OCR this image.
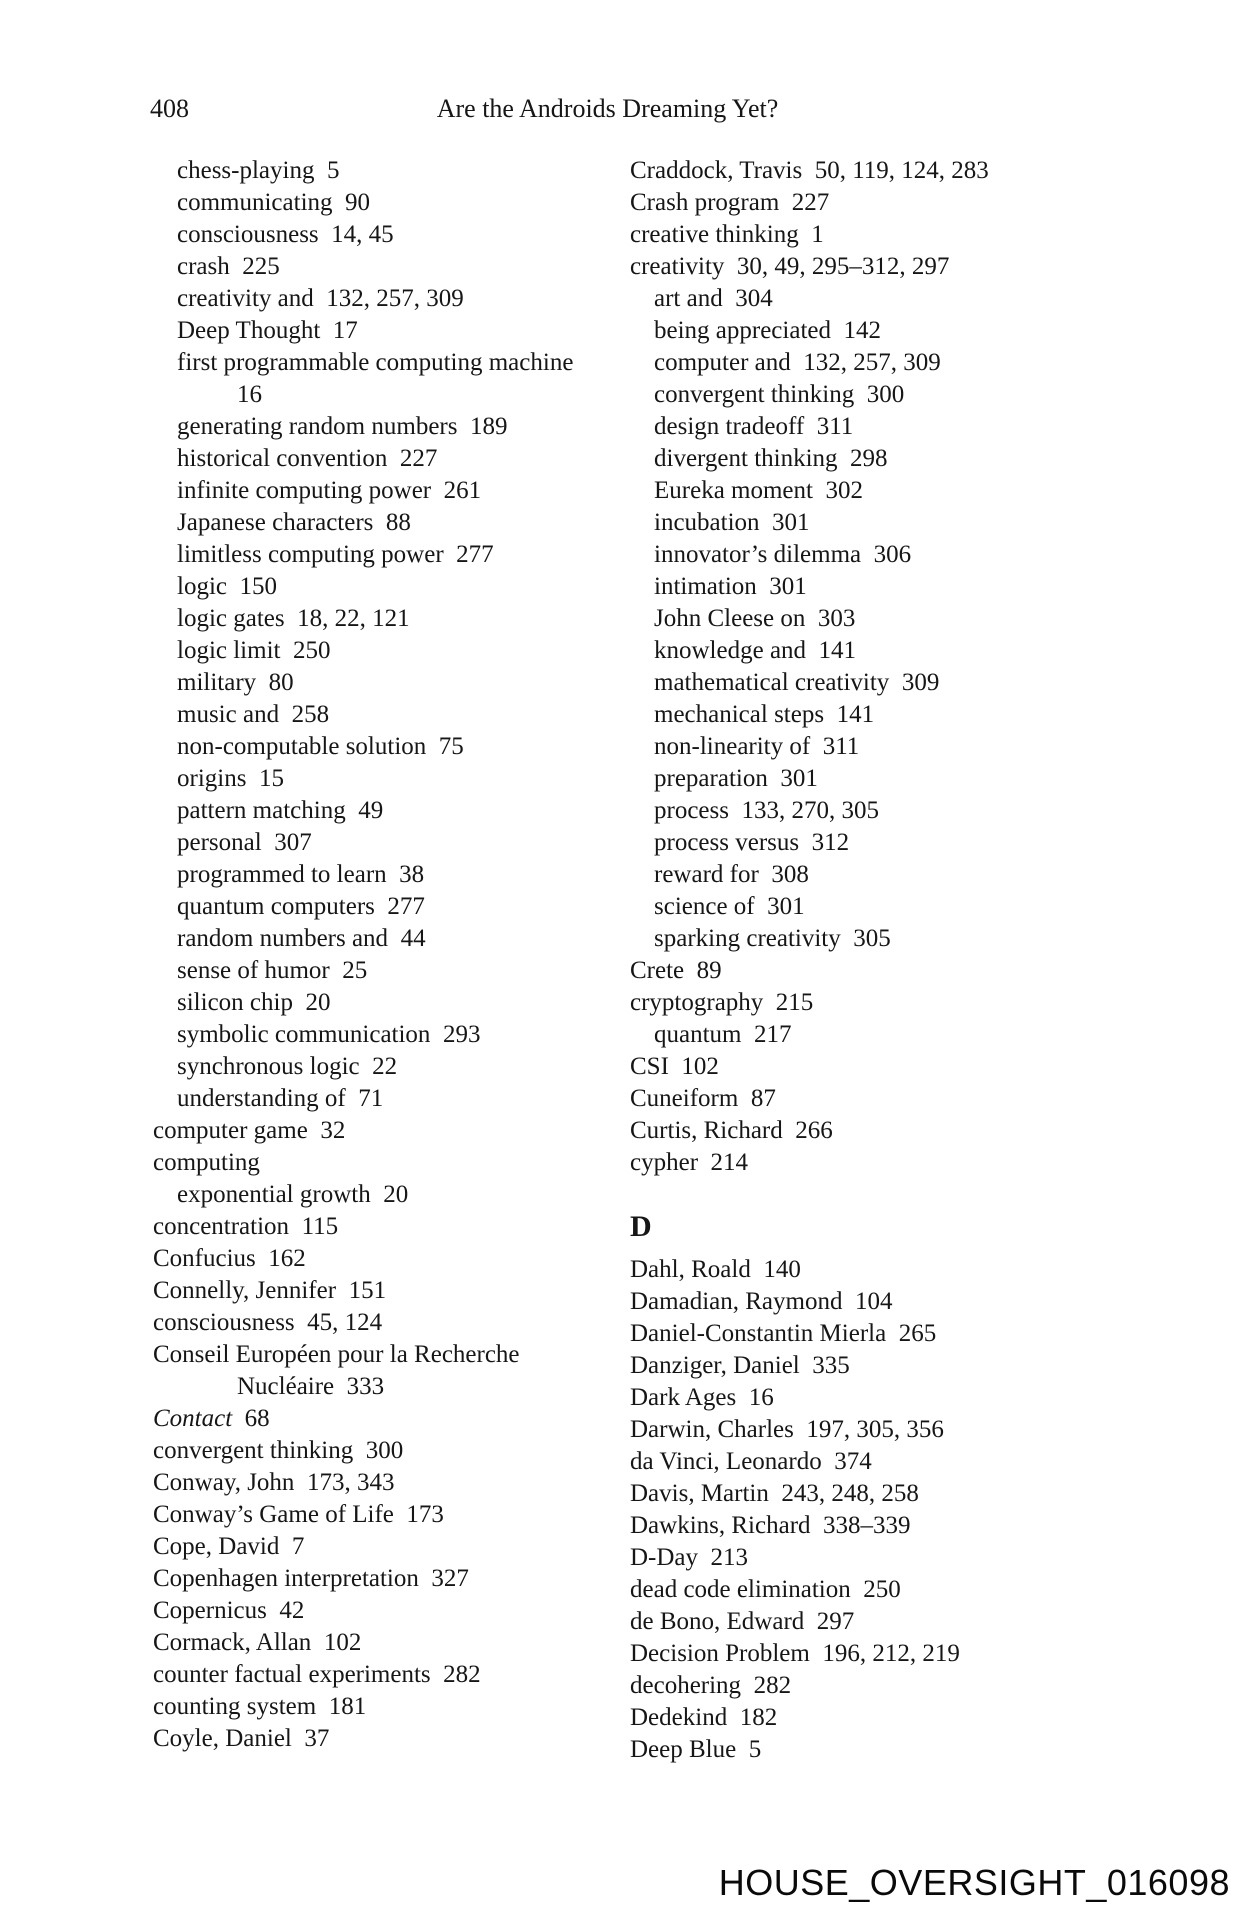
408	Are the Androids Dreaming Yet?
chess-playing 5
communicating 90
consciousness 14, 45
crash 225
creativity and 132, 257, 309
Deep Thought 17
first programmable computing machine
16
generating random numbers 189
historical convention 227
infinite computing power 261
Japanese characters 88
limitless computing power 277
logic 150
logic gates 18, 22, 121
logic limit 250
military 80
music and 258
non-computable solution 75
origins 15
pattern matching 49
personal 307
programmed to learn 38
quantum computers 277
random numbers and 44
sense of humor 25
silicon chip 20
symbolic communication 293
synchronous logic 22
understanding of 71
computer game 32
computing
exponential growth 20
concentration 115
Confucius 162
Connelly, Jennifer 151
consciousness 45, 124
Conseil Européen pour la Recherche
Nucléaire 333
Contact 68
convergent thinking 300
Conway, John 173, 343
Conway’s Game of Life 173
Cope, David 7
Copenhagen interpretation 327
Copernicus 42
Cormack, Allan 102
counter factual experiments 282
counting system 181
Coyle, Daniel 37
Craddock, Travis 50, 119, 124, 283
Crash program 227
creative thinking 1
creativity 30, 49, 295–312, 297
art and 304
being appreciated 142
computer and 132, 257, 309
convergent thinking 300
design tradeoff 311
divergent thinking 298
Eureka moment 302
incubation 301
innovator’s dilemma 306
intimation 301
John Cleese on 303
knowledge and 141
mathematical creativity 309
mechanical steps 141
non-linearity of 311
preparation 301
process 133, 270, 305
process versus 312
reward for 308
science of 301
sparking creativity 305
Crete 89
cryptography 215
quantum 217
CSI 102
Cuneiform 87
Curtis, Richard 266
cypher 214
D
Dahl, Roald 140
Damadian, Raymond 104
Daniel-Constantin Mierla 265
Danziger, Daniel 335
Dark Ages 16
Darwin, Charles 197, 305, 356
da Vinci, Leonardo 374
Davis, Martin 243, 248, 258
Dawkins, Richard 338–339
D-Day 213
dead code elimination 250
de Bono, Edward 297
Decision Problem 196, 212, 219
decohering 282
Dedekind 182
Deep Blue 5
HOUSE_OVERSIGHT_016098
